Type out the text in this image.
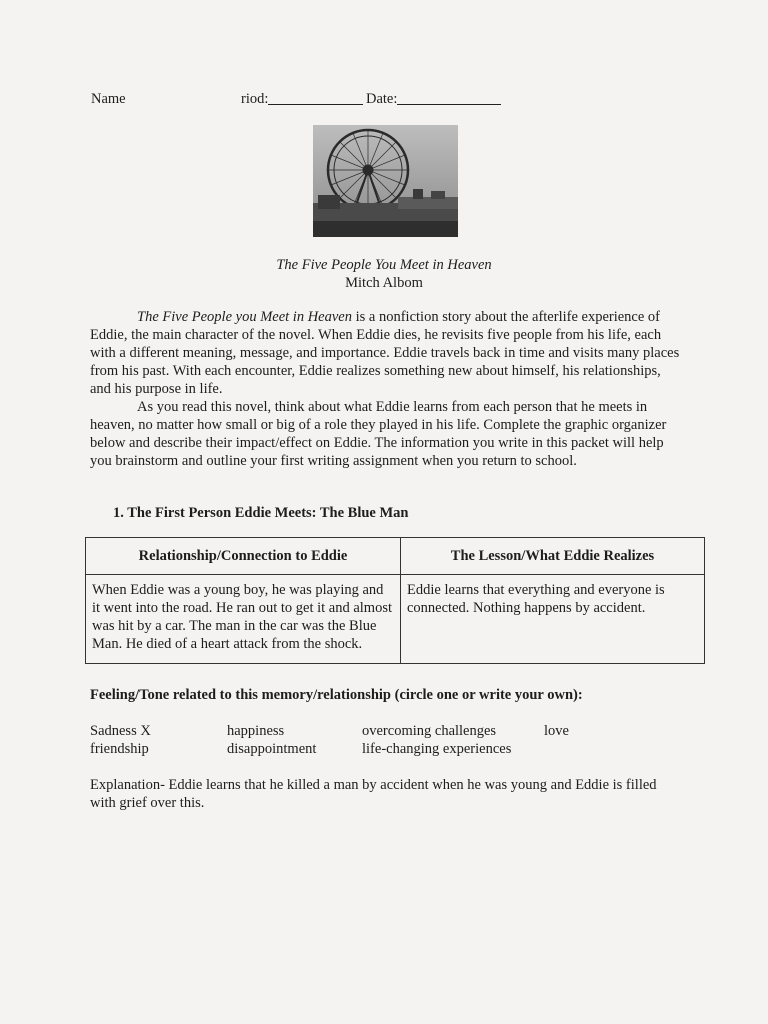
Name	riod:	Date:
The Five People You Meet in Heaven
Mitch Albom

The Five People you Meet in Heaven is a nonfiction story about the afterlife experience of Eddie, the main character of the novel. When Eddie dies, he revisits five people from his life, each with a different meaning, message, and importance. Eddie travels back in time and visits many places from his past. With each encounter, Eddie realizes something new about himself, his relationships, and his purpose in life.

As you read this novel, think about what Eddie learns from each person that he meets in heaven, no matter how small or big of a role they played in his life. Complete the graphic organizer below and describe their impact/effect on Eddie. The information you write in this packet will help you brainstorm and outline your first writing assignment when you return to school.

1. The First Person Eddie Meets: The Blue Man
Relationship/Connection to Eddie	The Lesson/What Eddie Realizes
When Eddie was a young boy, he was playing and it went into the road. He ran out to get it and almost was hit by a car. The man in the car was the Blue Man. He died of a heart attack from the shock.	Eddie learns that everything and everyone is connected. Nothing happens by accident.
Feeling/Tone related to this memory/relationship (circle one or write your own):
Sadness X	happiness	overcoming challenges	love
friendship	disappointment	life-changing experiences
Explanation- Eddie learns that he killed a man by accident when he was young and Eddie is filled with grief over this.
